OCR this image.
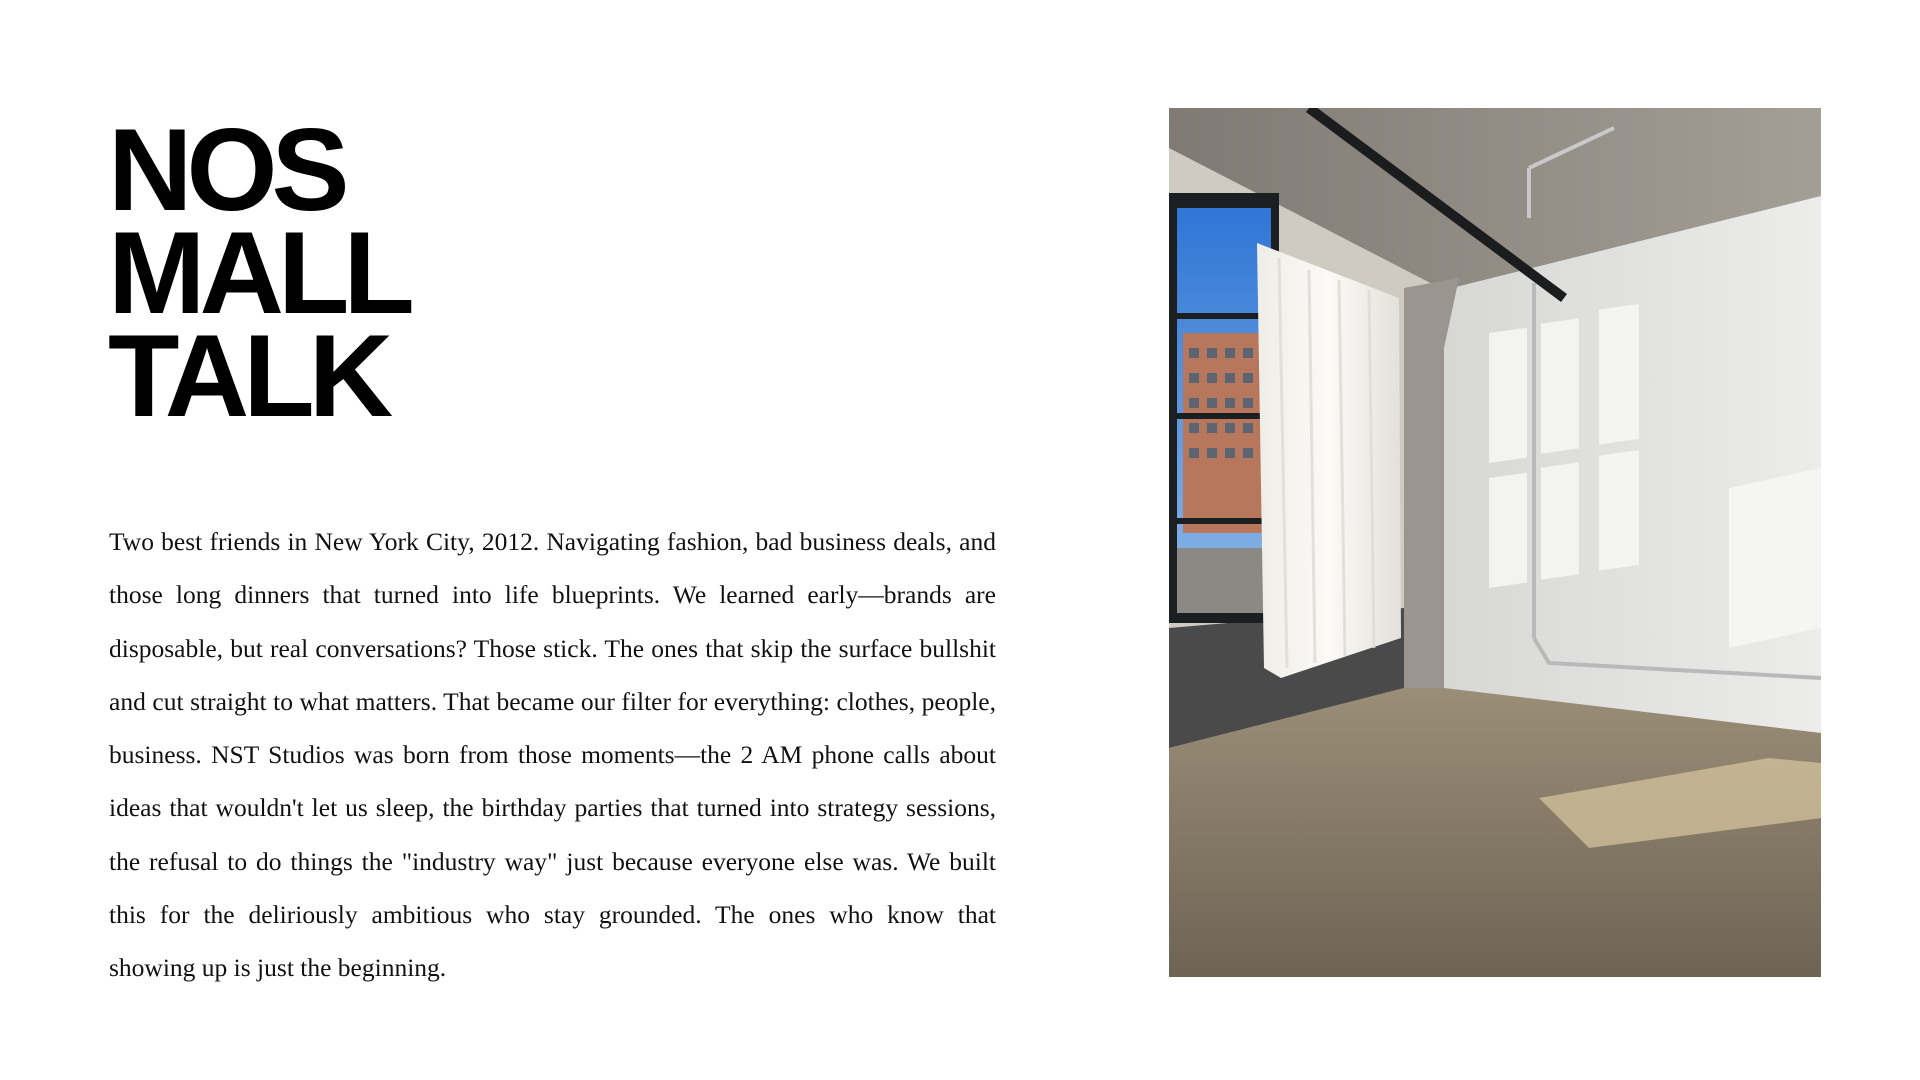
NOS
MALL
TALK

Two best friends in New York City, 2012. Navigating fashion, bad business deals, and those long dinners that turned into life blueprints. We learned early—brands are disposable, but real conversations? Those stick. The ones that skip the surface bullshit and cut straight to what matters. That became our filter for everything: clothes, people, business. NST Studios was born from those moments—the 2 AM phone calls about ideas that wouldn't let us sleep, the birthday parties that turned into strategy sessions, the refusal to do things the "industry way" just because everyone else was. We built this for the deliriously ambitious who stay grounded. The ones who know that showing up is just the beginning.
